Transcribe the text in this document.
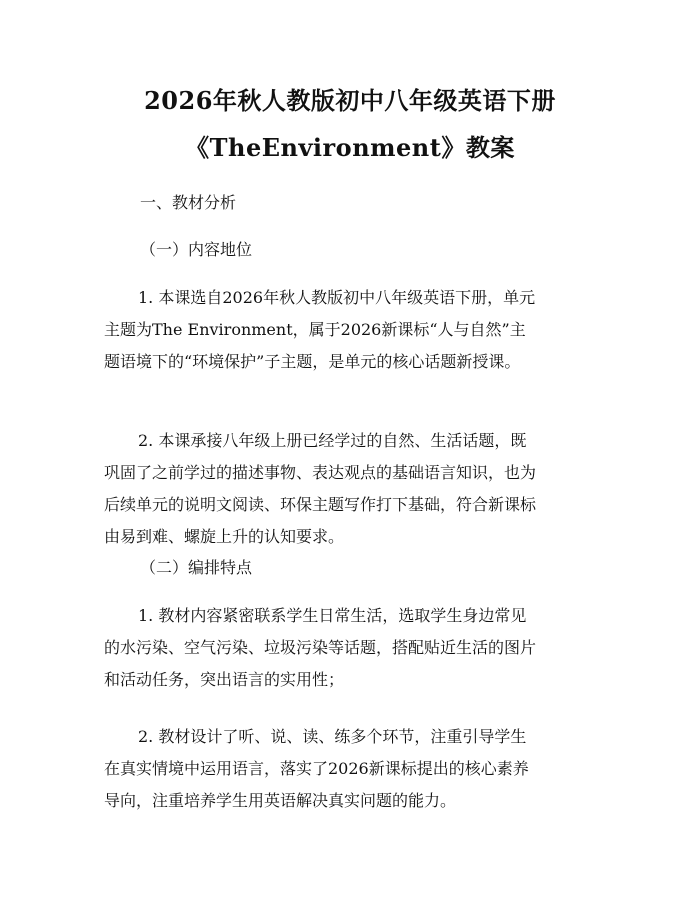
2026年秋人教版初中八年级英语下册
《TheEnvironment》教案
一、教材分析
（一）内容地位
1. 本课选自2026年秋人教版初中八年级英语下册，单元
主题为The Environment，属于2026新课标“人与自然”主
题语境下的“环境保护”子主题，是单元的核心话题新授课。
2. 本课承接八年级上册已经学过的自然、生活话题，既
巩固了之前学过的描述事物、表达观点的基础语言知识，也为
后续单元的说明文阅读、环保主题写作打下基础，符合新课标
由易到难、螺旋上升的认知要求。
（二）编排特点
1. 教材内容紧密联系学生日常生活，选取学生身边常见
的水污染、空气污染、垃圾污染等话题，搭配贴近生活的图片
和活动任务，突出语言的实用性；
2. 教材设计了听、说、读、练多个环节，注重引导学生
在真实情境中运用语言，落实了2026新课标提出的核心素养
导向，注重培养学生用英语解决真实问题的能力。
